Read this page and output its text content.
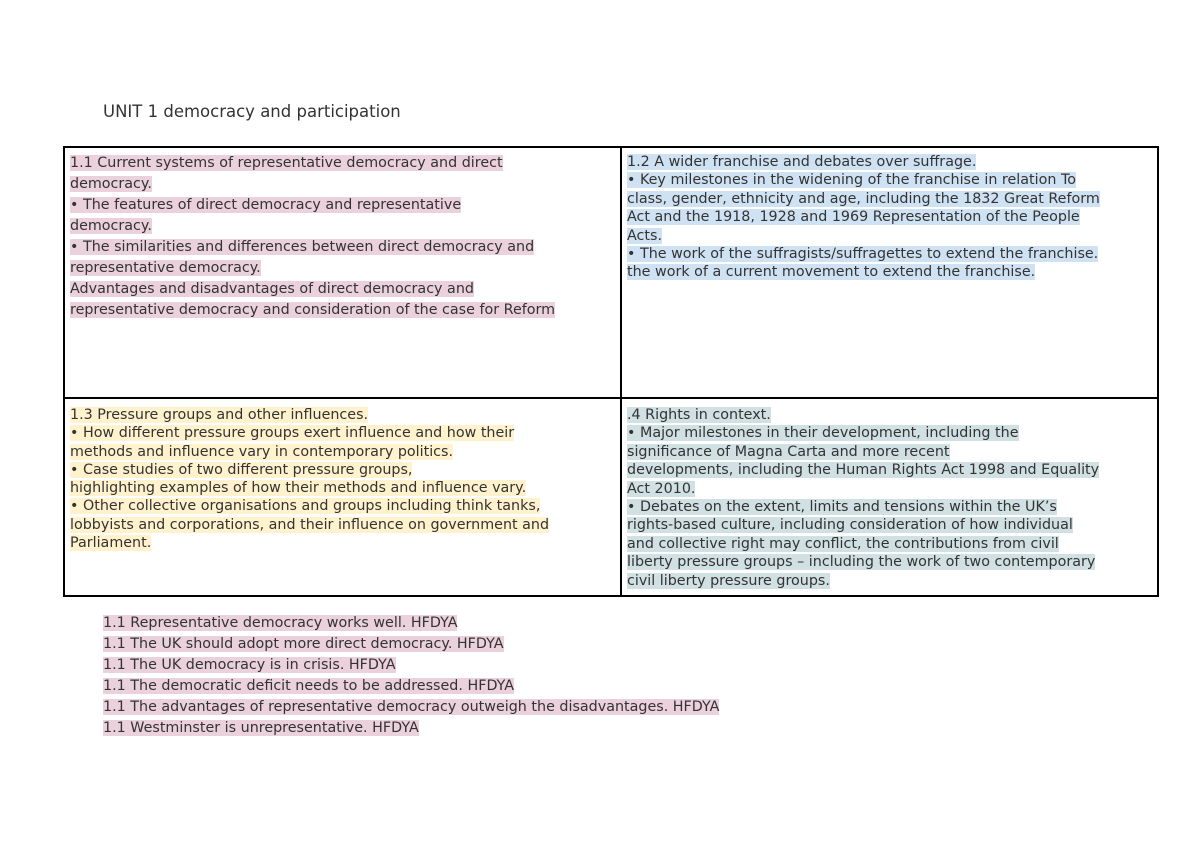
UNIT 1 democracy and participation

1.1 Current systems of representative democracy and direct

democracy.

• The features of direct democracy and representative

democracy.

• The similarities and differences between direct democracy and

representative democracy.

Advantages and disadvantages of direct democracy and

representative democracy and consideration of the case for Reform

1.2 A wider franchise and debates over suffrage.

• Key milestones in the widening of the franchise in relation To

class, gender, ethnicity and age, including the 1832 Great Reform

Act and the 1918, 1928 and 1969 Representation of the People

Acts.

• The work of the suffragists/suffragettes to extend the franchise.

the work of a current movement to extend the franchise.

1.3 Pressure groups and other influences.

• How different pressure groups exert influence and how their

methods and influence vary in contemporary politics.

• Case studies of two different pressure groups,

highlighting examples of how their methods and influence vary.

• Other collective organisations and groups including think tanks,

lobbyists and corporations, and their influence on government and

Parliament.

.4 Rights in context.

• Major milestones in their development, including the

significance of Magna Carta and more recent

developments, including the Human Rights Act 1998 and Equality

Act 2010.

• Debates on the extent, limits and tensions within the UK’s

rights-based culture, including consideration of how individual

and collective right may conflict, the contributions from civil

liberty pressure groups – including the work of two contemporary

civil liberty pressure groups.

1.1 Representative democracy works well. HFDYA

1.1 The UK should adopt more direct democracy. HFDYA

1.1 The UK democracy is in crisis. HFDYA

1.1 The democratic deficit needs to be addressed. HFDYA

1.1 The advantages of representative democracy outweigh the disadvantages. HFDYA

1.1 Westminster is unrepresentative. HFDYA
